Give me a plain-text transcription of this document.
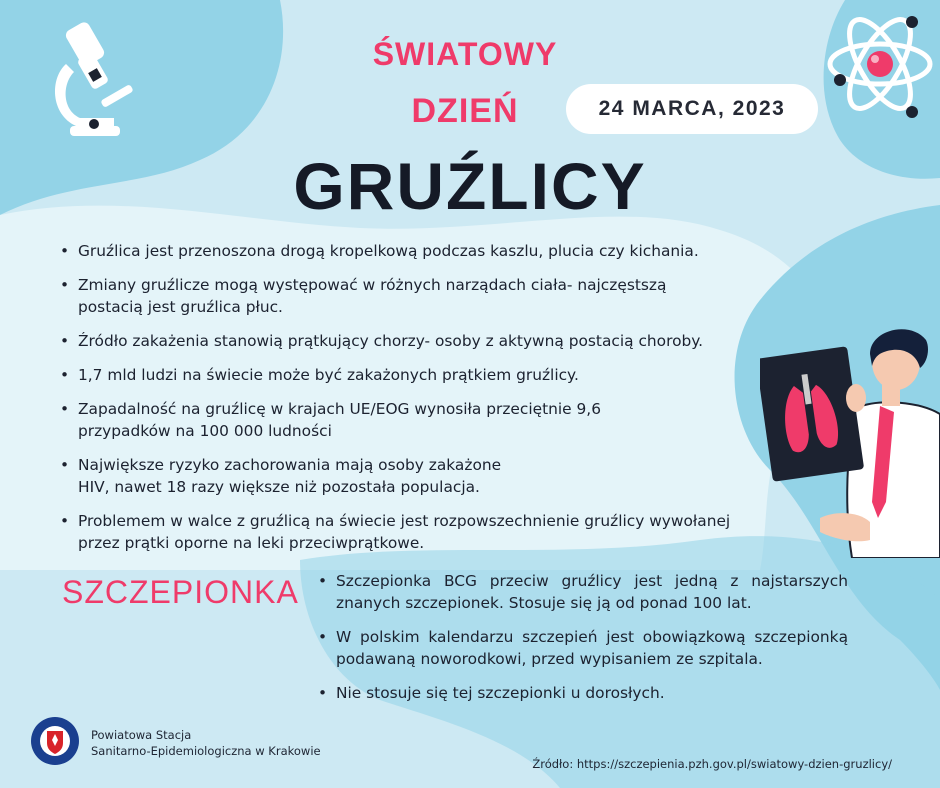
ŚWIATOWY
DZIEŃ
GRUŹLICY
24 MARCA, 2023
• Gruźlica jest przenoszona drogą kropelkową podczas kaszlu, plucia czy kichania.
• Zmiany gruźlicze mogą występować w różnych narządach ciała- najczęstszą postacią jest gruźlica płuc.
• Źródło zakażenia stanowią prątkujący chorzy- osoby z aktywną postacią choroby.
• 1,7 mld ludzi na świecie może być zakażonych prątkiem gruźlicy.
• Zapadalność na gruźlicę w krajach UE/EOG wynosiła przeciętnie 9,6 przypadków na 100 000 ludności
• Największe ryzyko zachorowania mają osoby zakażone HIV, nawet 18 razy większe niż pozostała populacja.
• Problemem w walce z gruźlicą na świecie jest rozpowszechnienie gruźlicy wywołanej przez prątki oporne na leki przeciwprątkowe.
SZCZEPIONKA
•	Szczepionka BCG przeciw gruźlicy jest jedną z najstarszych znanych szczepionek. Stosuje się ją od ponad 100 lat.
• W polskim kalendarzu szczepień jest obowiązkową szczepionką podawaną noworodkowi, przed wypisaniem ze szpitala.
• Nie stosuje się tej szczepionki u dorosłych.
Powiatowa Stacja
Sanitarno-Epidemiologiczna w Krakowie
Źródło: https://szczepienia.pzh.gov.pl/swiatowy-dzien-gruzlicy/
